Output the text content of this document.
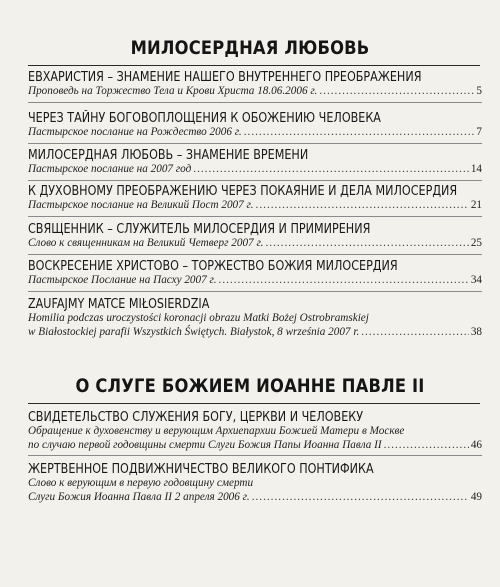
МИЛОСЕРДНАЯ ЛЮБОВЬ
ЕВХАРИСТИЯ – ЗНАМЕНИЕ НАШЕГО ВНУТРЕННЕГО ПРЕОБРАЖЕНИЯ
Проповедь на Торжество Тела и Крови Христа 18.06.2006 г. .....	5
ЧЕРЕЗ ТАЙНУ БОГОВОПЛОЩЕНИЯ К ОБОЖЕНИЮ ЧЕЛОВЕКА
Пастырское послание на Рождество 2006 г. .....	7
МИЛОСЕРДНАЯ ЛЮБОВЬ – ЗНАМЕНИЕ ВРЕМЕНИ
Пастырское послание на 2007 год .....	14
К ДУХОВНОМУ ПРЕОБРАЖЕНИЮ ЧЕРЕЗ ПОКАЯНИЕ И ДЕЛА МИЛОСЕРДИЯ
Пастырское послание на Великий Пост 2007 г. .....	21
СВЯЩЕННИК – СЛУЖИТЕЛЬ МИЛОСЕРДИЯ И ПРИМИРЕНИЯ
Слово к священникам на Великий Четверг 2007 г. .....	25
ВОСКРЕСЕНИЕ ХРИСТОВО – ТОРЖЕСТВО БОЖИЯ МИЛОСЕРДИЯ
Пастырское Послание на Пасху 2007 г. .....	34
ZAUFAJMY MATCE MIŁOSIERDZIA
Homilia podczas uroczystości koronacji obrazu Matki Bożej Ostrobramskiej
w Białostockiej parafii Wszystkich Świętych. Białystok, 8 września 2007 r. .....	38
О СЛУГЕ БОЖИЕМ ИОАННЕ ПАВЛЕ II
СВИДЕТЕЛЬСТВО СЛУЖЕНИЯ БОГУ, ЦЕРКВИ И ЧЕЛОВЕКУ
Обращение к духовенству и верующим Архиепархии Божией Матери в Москве
по случаю первой годовщины смерти Слуги Божия Папы Иоанна Павла II .....	46
ЖЕРТВЕННОЕ ПОДВИЖНИЧЕСТВО ВЕЛИКОГО ПОНТИФИКА
Слово к верующим в первую годовщину смерти
Слуги Божия Иоанна Павла II 2 апреля 2006 г. .....	49
